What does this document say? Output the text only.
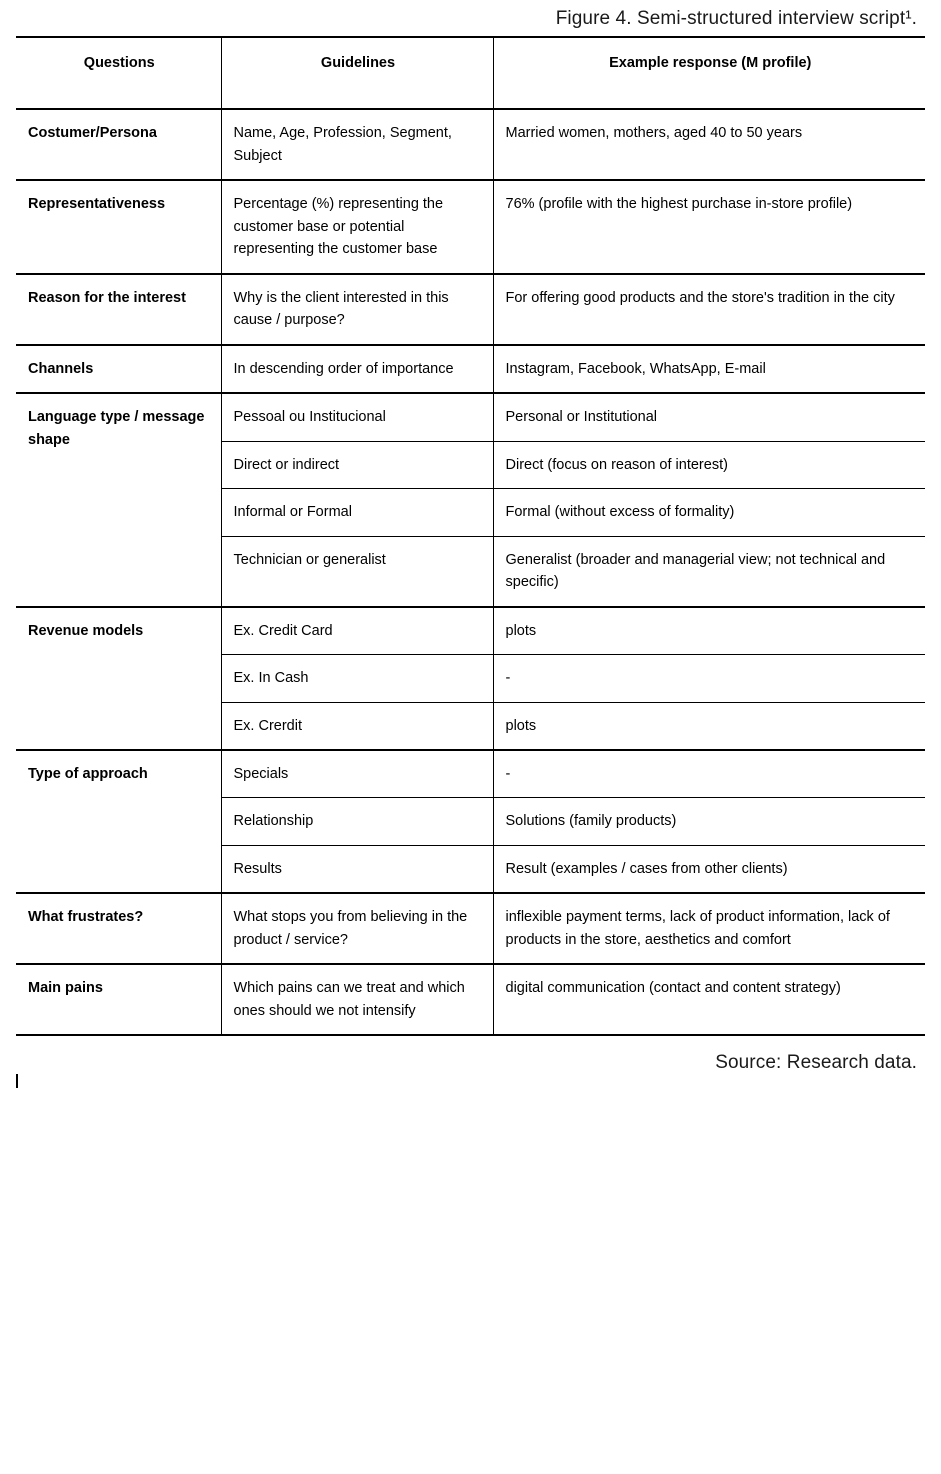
Figure 4. Semi-structured interview script¹.
Questions	Guidelines	Example response (M profile)
Costumer/Persona	Name, Age, Profession, Segment, Subject	Married women, mothers, aged 40 to 50 years
Representativeness	Percentage (%) representing the customer base or potential representing the customer base	76% (profile with the highest purchase in-store profile)
Reason for the interest	Why is the client interested in this cause / purpose?	For offering good products and the store's tradition in the city
Channels	In descending order of importance	Instagram, Facebook, WhatsApp, E-mail
Language type / message shape	Pessoal ou Institucional	Personal or Institutional
	Direct or indirect	Direct (focus on reason of interest)
	Informal or Formal	Formal (without excess of formality)
	Technician or generalist	Generalist (broader and managerial view; not technical and specific)
Revenue models	Ex. Credit Card	plots
	Ex. In Cash	-
	Ex. Crerdit	plots
Type of approach	Specials	-
	Relationship	Solutions (family products)
	Results	Result (examples / cases from other clients)
What frustrates?	What stops you from believing in the product / service?	inflexible payment terms, lack of product information, lack of products in the store, aesthetics and comfort
Main pains	Which pains can we treat and which ones should we not intensify	digital communication (contact and content strategy)

Source: Research data.
